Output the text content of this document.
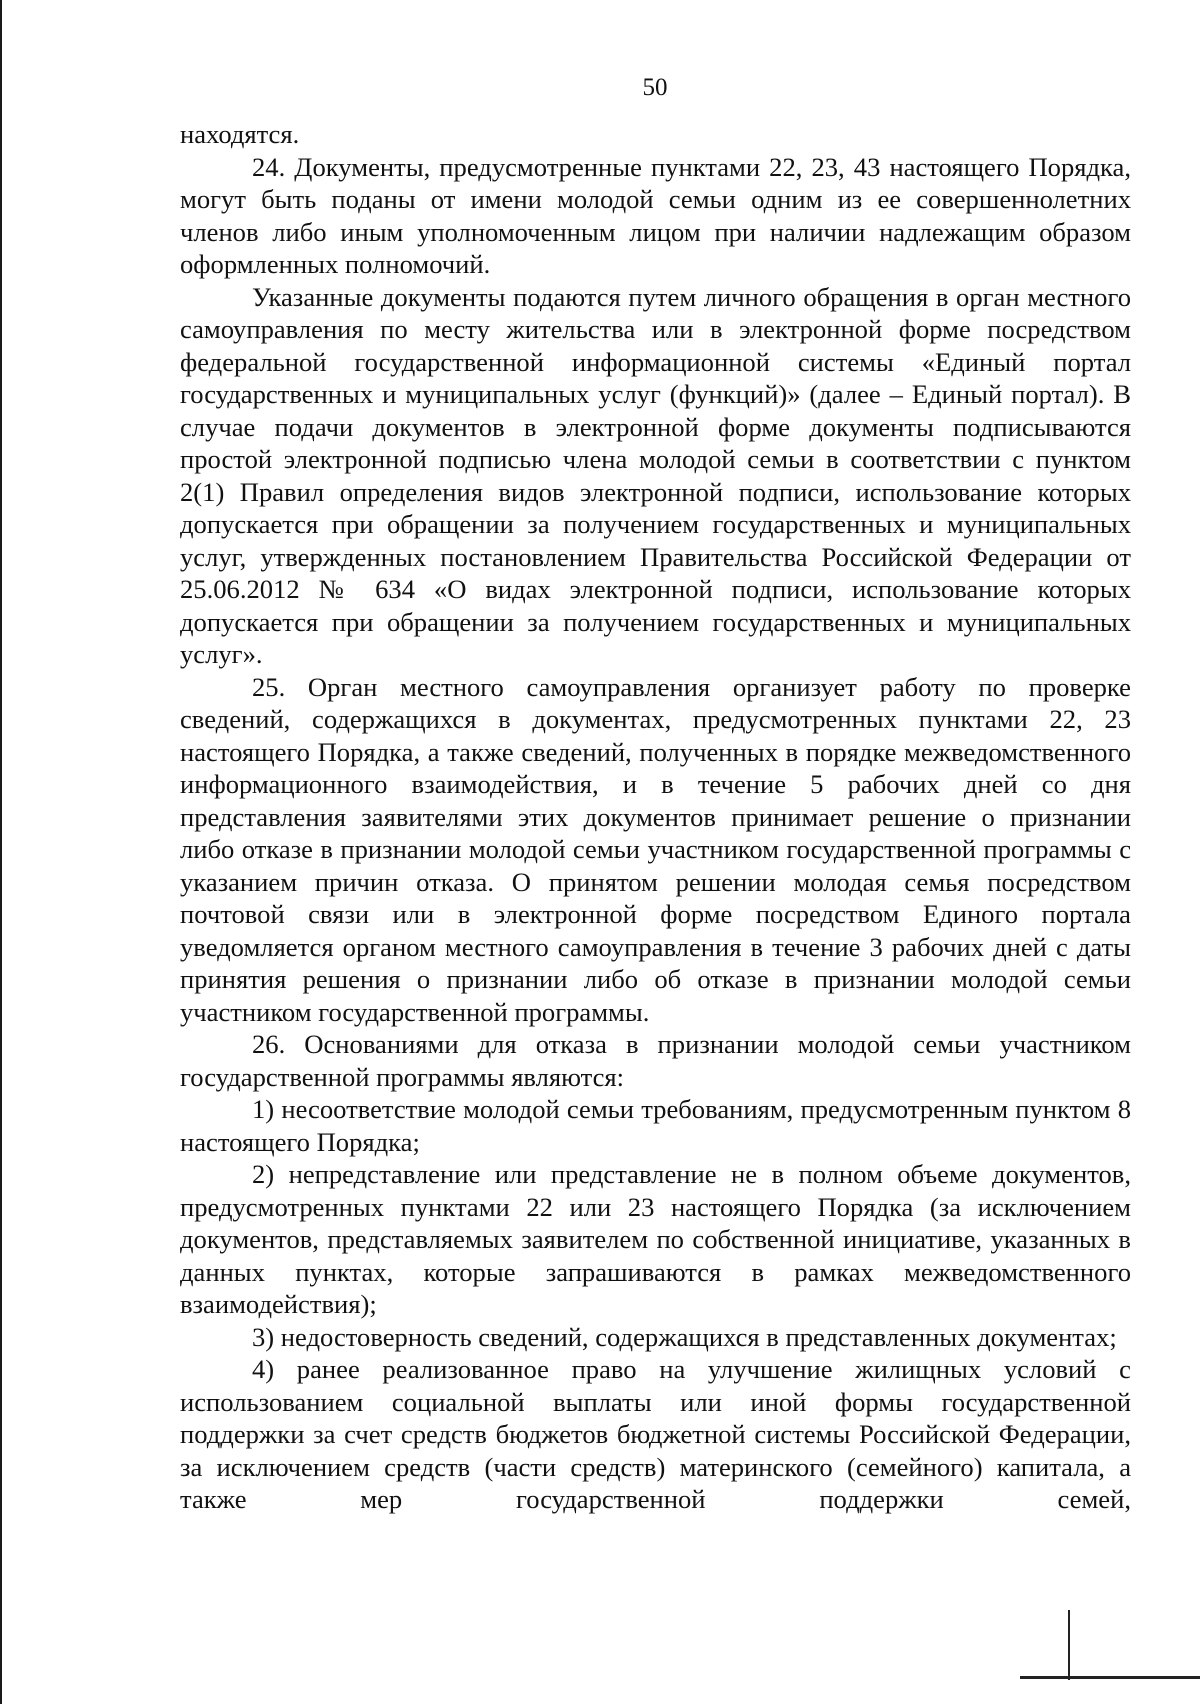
50

находятся.

24. Документы, предусмотренные пунктами 22, 23, 43 настоящего Порядка, могут быть поданы от имени молодой семьи одним из ее совершеннолетних членов либо иным уполномоченным лицом при наличии надлежащим образом оформленных полномочий.

Указанные документы подаются путем личного обращения в орган местного самоуправления по месту жительства или в электронной форме посредством федеральной государственной информационной системы «Единый портал государственных и муниципальных услуг (функций)» (далее – Единый портал). В случае подачи документов в электронной форме документы подписываются простой электронной подписью члена молодой семьи в соответствии с пунктом 2(1) Правил определения видов электронной подписи, использование которых допускается при обращении за получением государственных и муниципальных услуг, утвержденных постановлением Правительства Российской Федерации от 25.06.2012 № 634 «О видах электронной подписи, использование которых допускается при обращении за получением государственных и муниципальных услуг».

25. Орган местного самоуправления организует работу по проверке сведений, содержащихся в документах, предусмотренных пунктами 22, 23 настоящего Порядка, а также сведений, полученных в порядке межведомственного информационного взаимодействия, и в течение 5 рабочих дней со дня представления заявителями этих документов принимает решение о признании либо отказе в признании молодой семьи участником государственной программы с указанием причин отказа. О принятом решении молодая семья посредством почтовой связи или в электронной форме посредством Единого портала уведомляется органом местного самоуправления в течение 3 рабочих дней с даты принятия решения о признании либо об отказе в признании молодой семьи участником государственной программы.

26. Основаниями для отказа в признании молодой семьи участником государственной программы являются:

1) несоответствие молодой семьи требованиям, предусмотренным пунктом 8 настоящего Порядка;

2) непредставление или представление не в полном объеме документов, предусмотренных пунктами 22 или 23 настоящего Порядка (за исключением документов, представляемых заявителем по собственной инициативе, указанных в данных пунктах, которые запрашиваются в рамках межведомственного взаимодействия);

3) недостоверность сведений, содержащихся в представленных документах;

4) ранее реализованное право на улучшение жилищных условий с использованием социальной выплаты или иной формы государственной поддержки за счет средств бюджетов бюджетной системы Российской Федерации, за исключением средств (части средств) материнского (семейного) капитала, а также мер государственной поддержки семей,
